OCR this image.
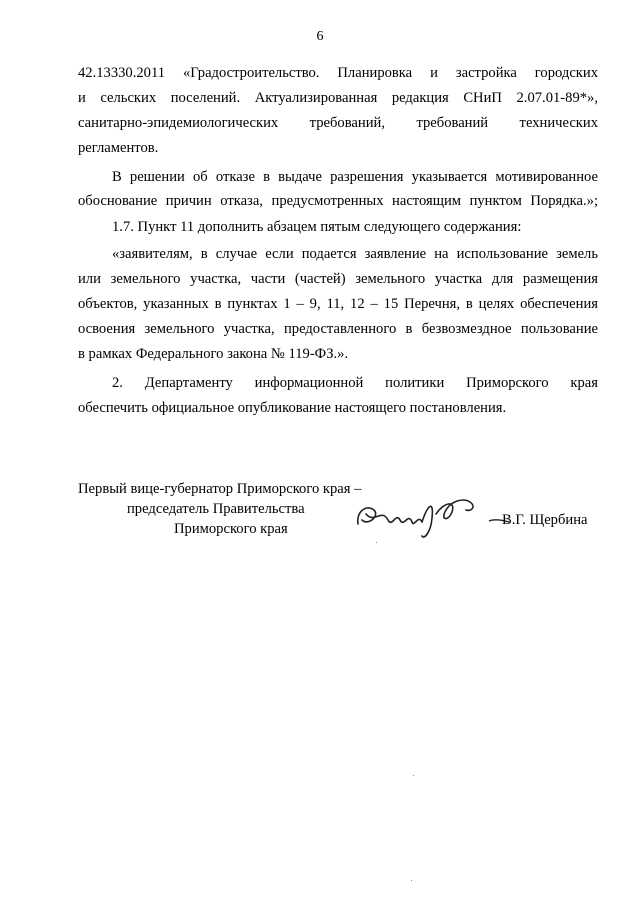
6
42.13330.2011 «Градостроительство. Планировка и застройка городских
и сельских поселений. Актуализированная редакция СНиП 2.07.01-89*»,
санитарно-эпидемиологических требований, требований технических
регламентов.
В решении об отказе в выдаче разрешения указывается мотивированное
обоснование причин отказа, предусмотренных настоящим пунктом Порядка.»;
1.7. Пункт 11 дополнить абзацем пятым следующего содержания:
«заявителям, в случае если подается заявление на использование земель
или земельного участка, части (частей) земельного участка для размещения
объектов, указанных в пунктах 1 – 9, 11, 12 – 15 Перечня, в целях обеспечения
освоения земельного участка, предоставленного в безвозмездное пользование
в рамках Федерального закона № 119-ФЗ.».
2. Департаменту информационной политики Приморского края
обеспечить официальное опубликование настоящего постановления.
Первый вице-губернатор Приморского края –
председатель Правительства
Приморского края
В.Г. Щербина
